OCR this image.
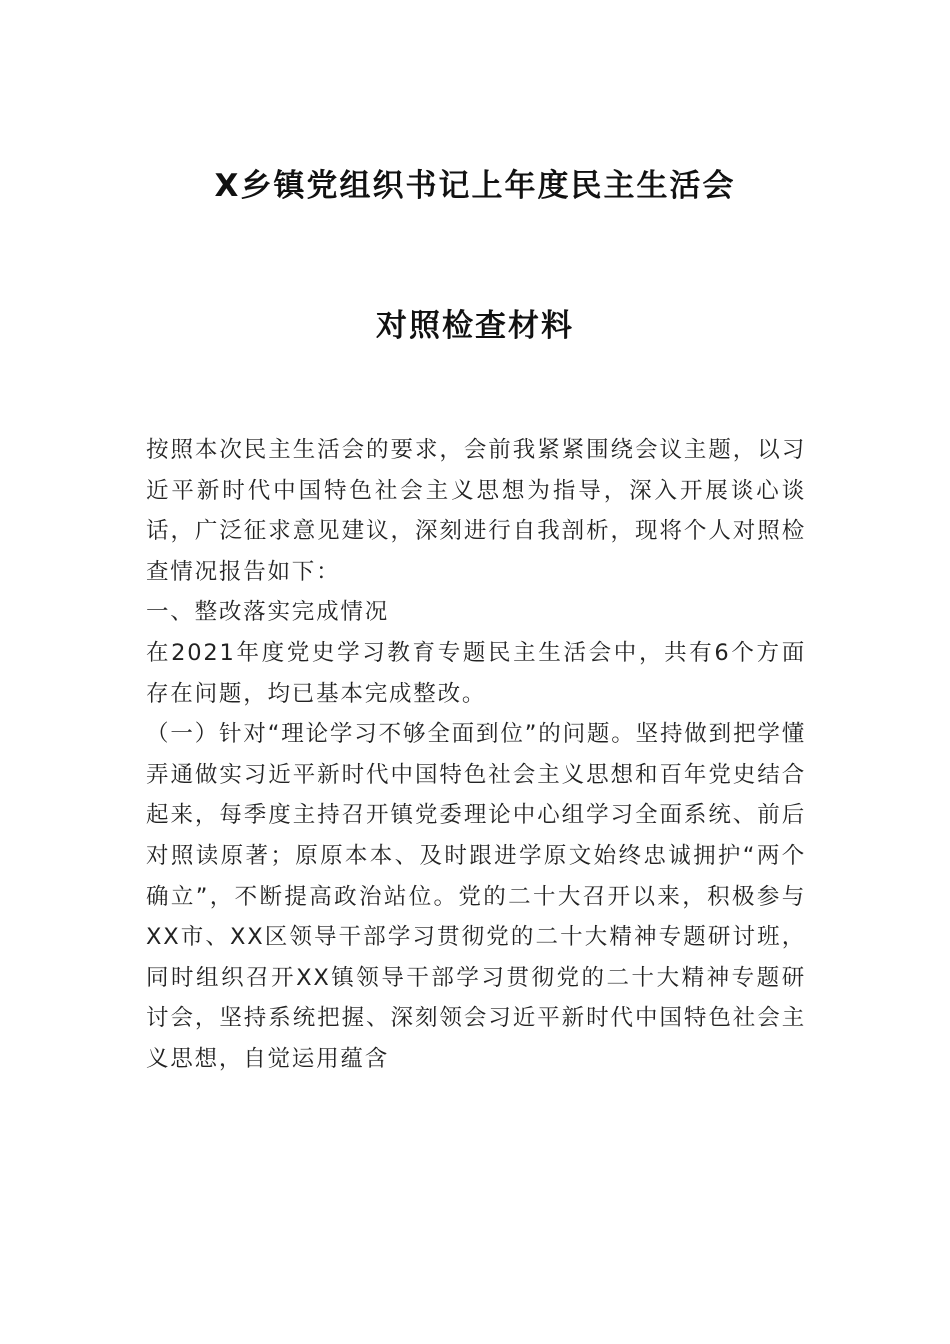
X乡镇党组织书记上年度民主生活会
对照检查材料

按照本次民主生活会的要求，会前我紧紧围绕会议主题，以习近平新时代中国特色社会主义思想为指导，深入开展谈心谈话，广泛征求意见建议，深刻进行自我剖析，现将个人对照检查情况报告如下：

一、整改落实完成情况

在2021年度党史学习教育专题民主生活会中，共有6个方面存在问题，均已基本完成整改。

（一）针对“理论学习不够全面到位”的问题。坚持做到把学懂弄通做实习近平新时代中国特色社会主义思想和百年党史结合起来，每季度主持召开镇党委理论中心组学习全面系统、前后对照读原著；原原本本、及时跟进学原文始终忠诚拥护“两个确立”，不断提高政治站位。党的二十大召开以来，积极参与XX市、XX区领导干部学习贯彻党的二十大精神专题研讨班，同时组织召开XX镇领导干部学习贯彻党的二十大精神专题研讨会，坚持系统把握、深刻领会习近平新时代中国特色社会主义思想，自觉运用蕴含
